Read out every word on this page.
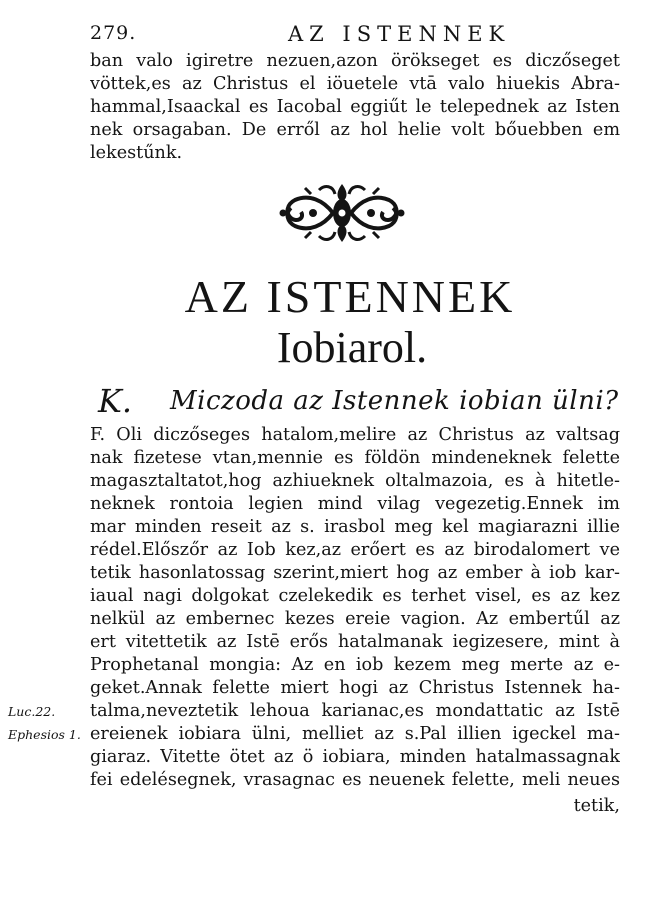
279.	AZ ISTENNEK
ban valo igiretre nezuen,azon örökseget es diczőseget
vöttek,es az Christus el iöuetele vtā valo hiuekis Abra-
hammal,Isaackal es Iacobal eggiűt le telepednek az Isten
nek orsagaban. De erről az hol helie volt bőuebben em
lekestűnk.
AZ ISTENNEK
Iobiarol.
K. Miczoda az Istennek iobian ülni?
F. Oli diczőseges hatalom,melire az Christus az valtsag
nak fizetese vtan,mennie es földön mindeneknek felette
magasztaltatot,hog azhiueknek oltalmazoia, es à hitetle-
neknek rontoia legien mind vilag vegezetig.Ennek im
mar minden reseit az s. irasbol meg kel magiarazni illie
rédel.Előszőr az Iob kez,az erőert es az birodalomert ve
tetik hasonlatossag szerint,miert hog az ember à iob kar-
iaual nagi dolgokat czelekedik es terhet visel, es az kez
nelkül az embernec kezes ereie vagion. Az embertűl az
ert vitettetik az Istē erős hatalmanak iegizesere, mint à
Prophetanal mongia: Az en iob kezem meg merte az e-
geket.Annak felette miert hogi az Christus Istennek ha-
talma,neveztetik lehoua karianac,es mondattatic az Istē
ereienek iobiara ülni, melliet az s.Pal illien igeckel ma-
giaraz. Vitette ötet az ö iobiara, minden hatalmassagnak
fei edelésegnek, vrasagnac es neuenek felette, meli neues
tetik,
Luc.22.
Ephesios 1.
